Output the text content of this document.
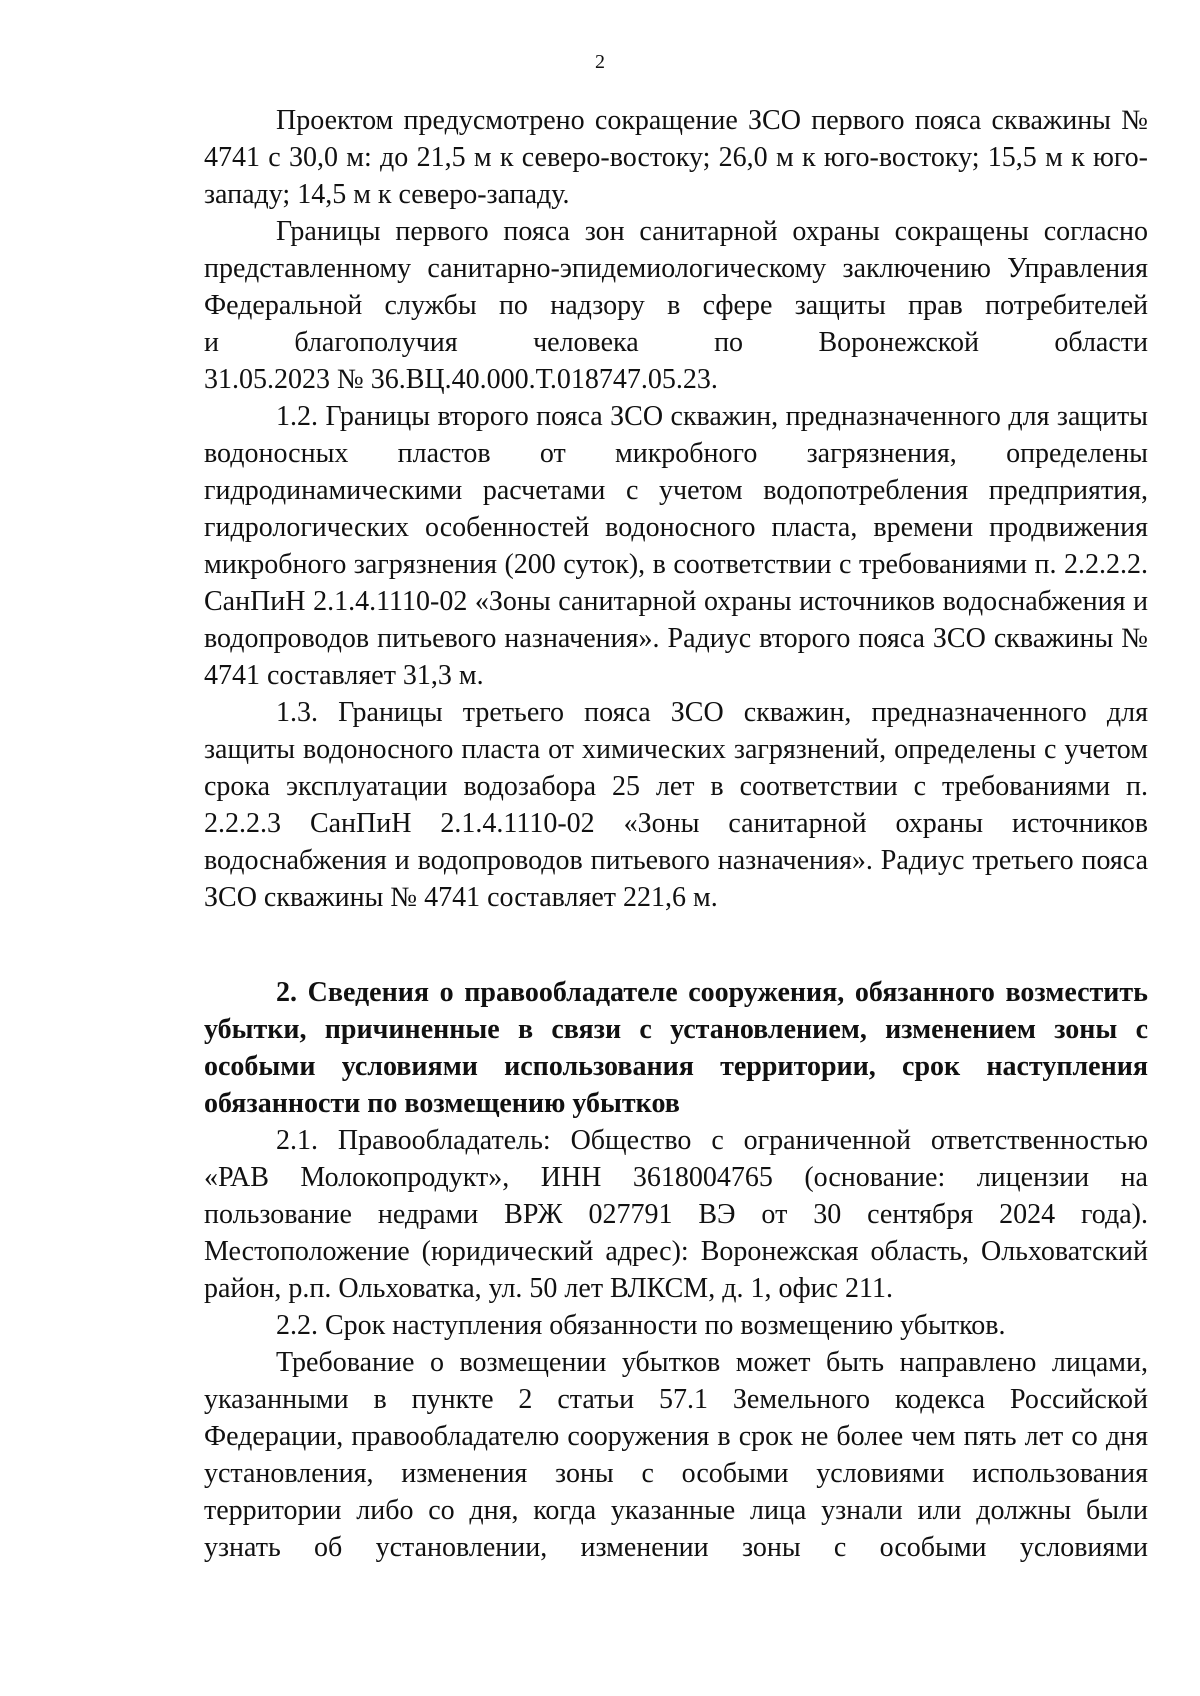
2

Проектом предусмотрено сокращение ЗСО первого пояса скважины № 4741 с 30,0 м: до 21,5 м к северо-востоку; 26,0 м к юго-востоку; 15,5 м к юго-западу; 14,5 м к северо-западу.

Границы первого пояса зон санитарной охраны сокращены согласно представленному санитарно-эпидемиологическому заключению Управления Федеральной службы по надзору в сфере защиты прав потребителей

и	благополучия	человека	по	Воронежской	области

31.05.2023 № 36.ВЦ.40.000.Т.018747.05.23.

1.2. Границы второго пояса ЗСО скважин, предназначенного для защиты водоносных пластов от микробного загрязнения, определены гидродинамическими расчетами с учетом водопотребления предприятия, гидрологических особенностей водоносного пласта, времени продвижения микробного загрязнения (200 суток), в соответствии с требованиями п. 2.2.2.2. СанПиН 2.1.4.1110-02 «Зоны санитарной охраны источников водоснабжения и водопроводов питьевого назначения». Радиус второго пояса ЗСО скважины № 4741 составляет 31,3 м.

1.3. Границы третьего пояса ЗСО скважин, предназначенного для защиты водоносного пласта от химических загрязнений, определены с учетом срока эксплуатации водозабора 25 лет в соответствии с требованиями п. 2.2.2.3 СанПиН 2.1.4.1110-02 «Зоны санитарной охраны источников водоснабжения и водопроводов питьевого назначения». Радиус третьего пояса ЗСО скважины № 4741 составляет 221,6 м.

2. Сведения о правообладателе сооружения, обязанного возместить убытки, причиненные в связи с установлением, изменением зоны с особыми условиями использования территории, срок наступления обязанности по возмещению убытков

2.1. Правообладатель: Общество с ограниченной ответственностью «РАВ Молокопродукт», ИНН 3618004765 (основание: лицензии на пользование недрами ВРЖ 027791 ВЭ от 30 сентября 2024 года). Местоположение (юридический адрес): Воронежская область, Ольховатский район, р.п. Ольховатка, ул. 50 лет ВЛКСМ, д. 1, офис 211.

2.2. Срок наступления обязанности по возмещению убытков.

Требование о возмещении убытков может быть направлено лицами, указанными в пункте 2 статьи 57.1 Земельного кодекса Российской Федерации, правообладателю сооружения в срок не более чем пять лет со дня установления, изменения зоны с особыми условиями использования территории либо со дня, когда указанные лица узнали или должны были

узнать об установлении, изменении зоны с особыми условиями
